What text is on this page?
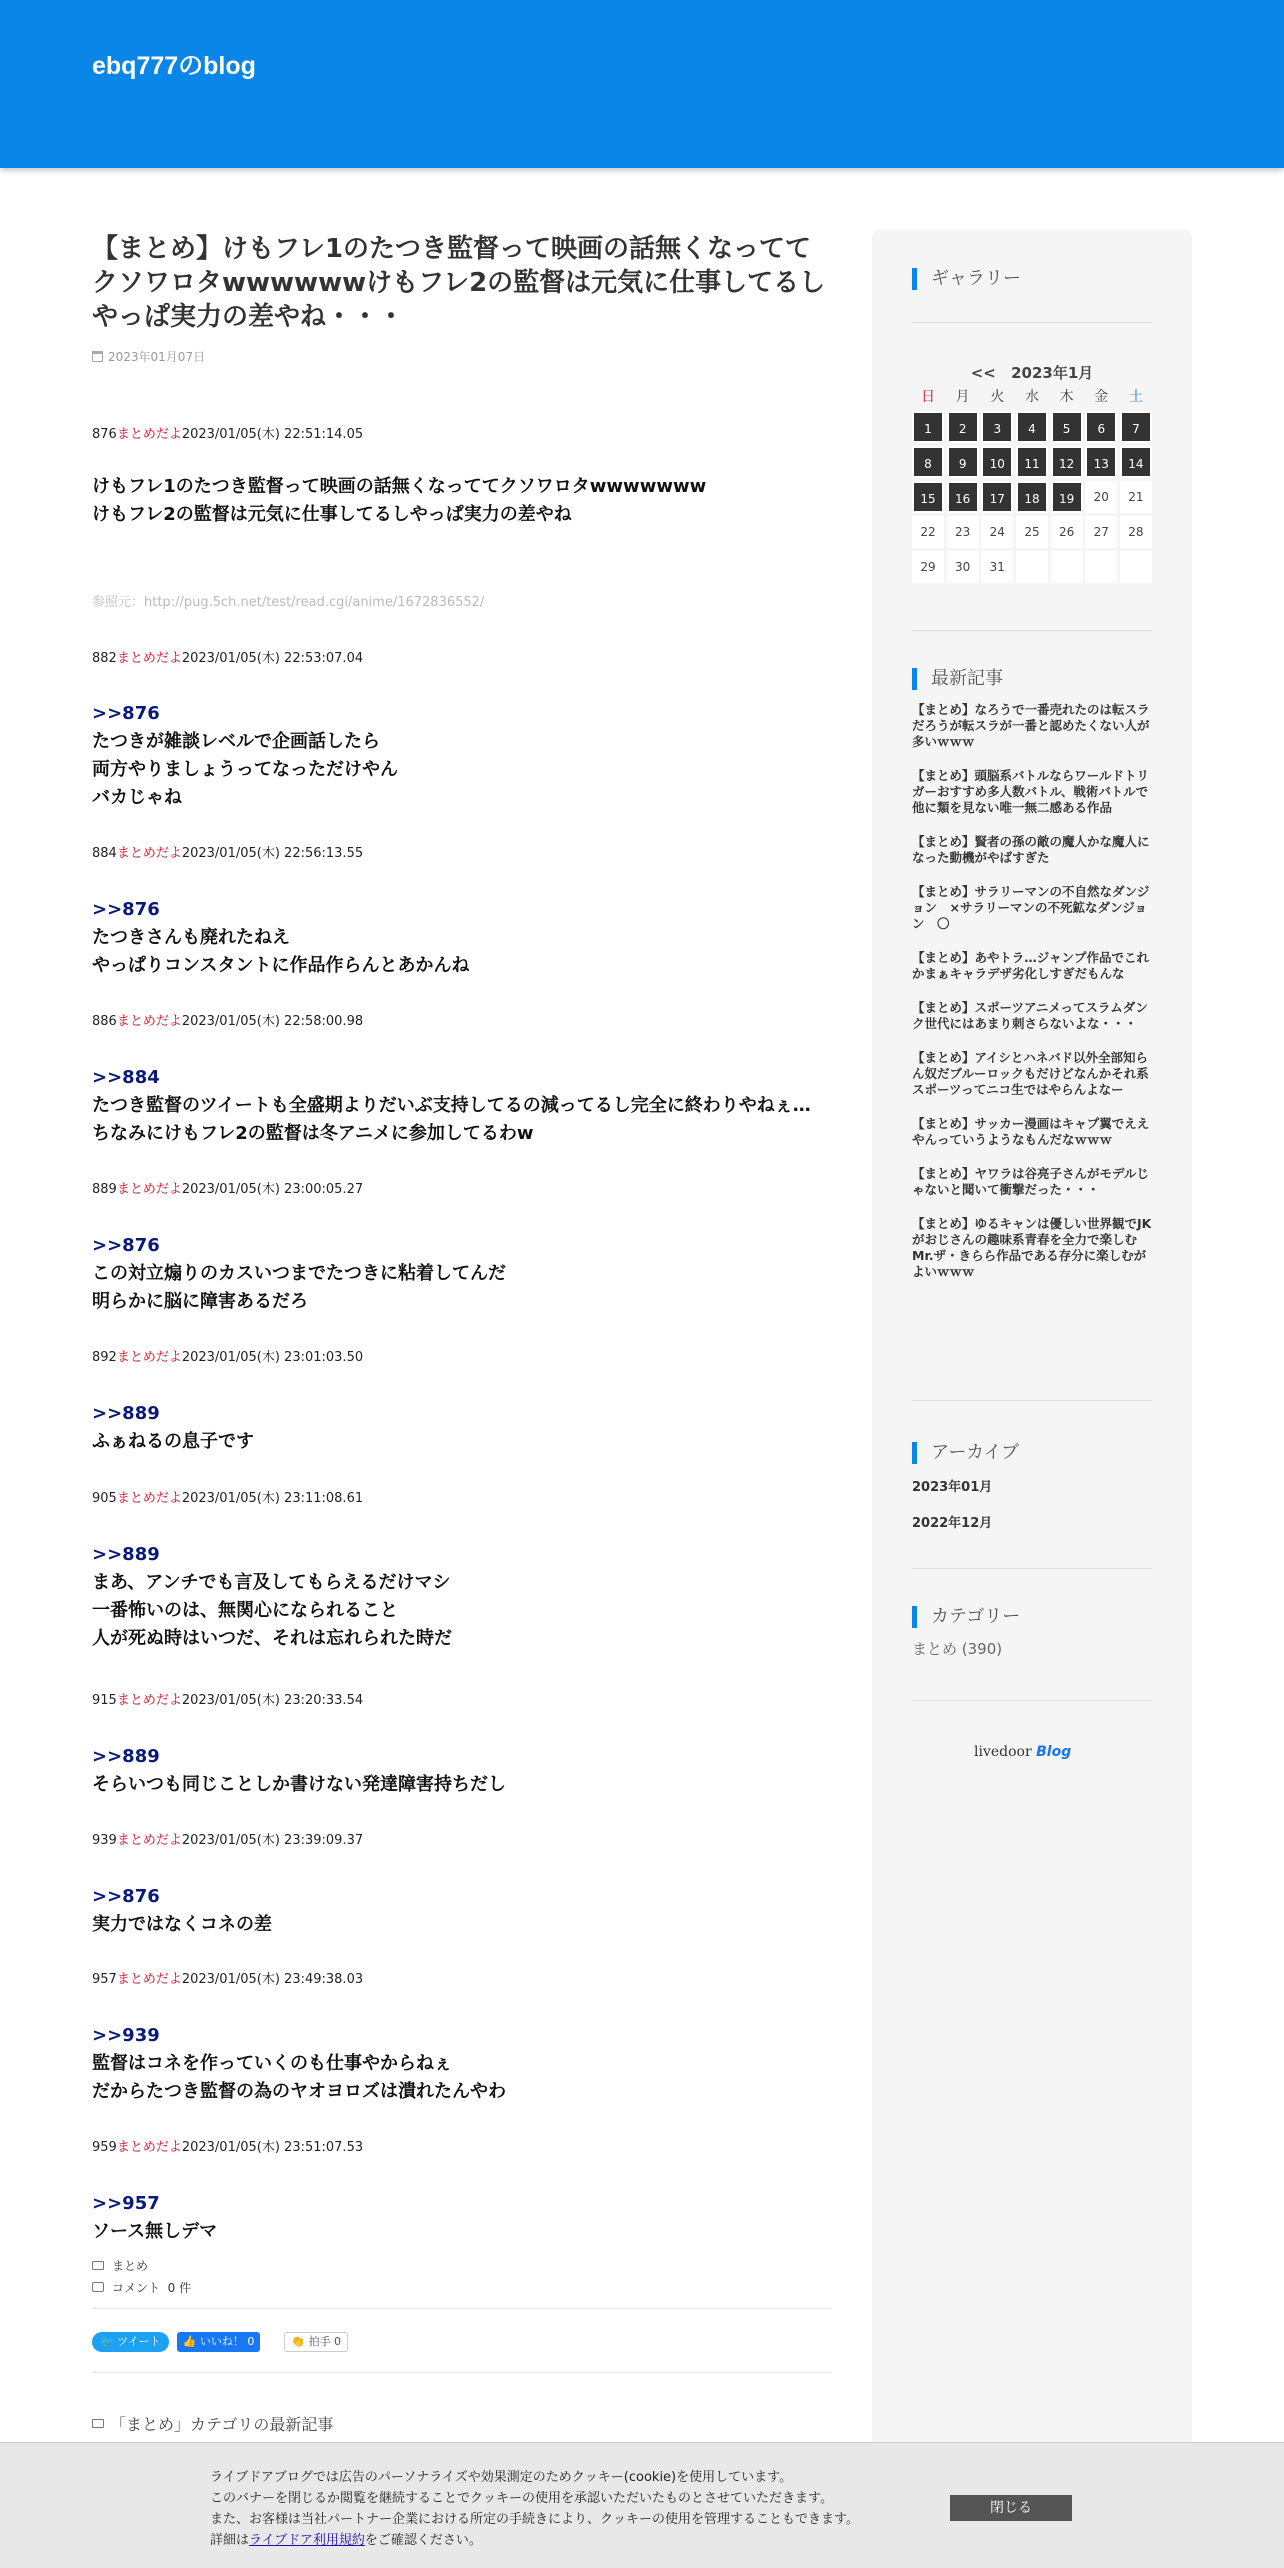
ebq777のblog
【まとめ】けもフレ1のたつき監督って映画の話無くなっててクソワロタwwwwwwけもフレ2の監督は元気に仕事してるしやっぱ実力の差やね・・・
2023年01月07日
876まとめだよ2023/01/05(木) 22:51:14.05
けもフレ1のたつき監督って映画の話無くなっててクソワロタwwwwwww
けもフレ2の監督は元気に仕事してるしやっぱ実力の差やね
参照元：http://pug.5ch.net/test/read.cgi/anime/1672836552/
882まとめだよ2023/01/05(木) 22:53:07.04
>>876
たつきが雑談レベルで企画話したら
両方やりましょうってなっただけやん
バカじゃね
884まとめだよ2023/01/05(木) 22:56:13.55
>>876
たつきさんも廃れたねえ
やっぱりコンスタントに作品作らんとあかんね
886まとめだよ2023/01/05(木) 22:58:00.98
>>884
たつき監督のツイートも全盛期よりだいぶ支持してるの減ってるし完全に終わりやねぇ…
ちなみにけもフレ2の監督は冬アニメに参加してるわw
889まとめだよ2023/01/05(木) 23:00:05.27
>>876
この対立煽りのカスいつまでたつきに粘着してんだ
明らかに脳に障害あるだろ
892まとめだよ2023/01/05(木) 23:01:03.50
>>889
ふぁねるの息子です
905まとめだよ2023/01/05(木) 23:11:08.61
>>889
まあ、アンチでも言及してもらえるだけマシ
一番怖いのは、無関心になられること
人が死ぬ時はいつだ、それは忘れられた時だ
915まとめだよ2023/01/05(木) 23:20:33.54
>>889
そらいつも同じことしか書けない発達障害持ちだし
939まとめだよ2023/01/05(木) 23:39:09.37
>>876
実力ではなくコネの差
957まとめだよ2023/01/05(木) 23:49:38.03
>>939
監督はコネを作っていくのも仕事やからねぇ
だからたつき監督の為のヤオヨロズは潰れたんやわ
959まとめだよ2023/01/05(木) 23:51:07.53
>>957
ソース無しデマ
まとめ
コメント 0 件
🐦 ツイート	👍 いいね！ 0	👏 拍手 0
「まとめ」カテゴリの最新記事
ギャラリー
<< 2023年1月
日	月	火	水	木	金	土
1	2	3	4	5	6	7
8	9	10	11	12	13	14
15	16	17	18	19	20	21
22	23	24	25	26	27	28
29	30	31
最新記事
【まとめ】なろうで一番売れたのは転スラだろうが転スラが一番と認めたくない人が多いｗｗｗ
【まとめ】頭脳系バトルならワールドトリガーおすすめ多人数バトル、戦術バトルで他に類を見ない唯一無二感ある作品
【まとめ】賢者の孫の敵の魔人かな魔人になった動機がやばすぎた
【まとめ】サラリーマンの不自然なダンジョン　×サラリーマンの不死鉱なダンジョン　〇
【まとめ】あやトラ…ジャンプ作品でこれかまぁキャラデザ劣化しすぎだもんな
【まとめ】スポーツアニメってスラムダンク世代にはあまり刺さらないよな・・・
【まとめ】アイシとハネバド以外全部知らん奴だブルーロックもだけどなんかそれ系スポーツってニコ生ではやらんよなー
【まとめ】サッカー漫画はキャプ翼でええやんっていうようなもんだなｗｗｗ
【まとめ】ヤワラは谷亮子さんがモデルじゃないと聞いて衝撃だった・・・
【まとめ】ゆるキャンは優しい世界観でJKがおじさんの趣味系青春を全力で楽しむMr.ザ・きらら作品である存分に楽しむがよいｗｗｗ
アーカイブ
2023年01月
2022年12月
カテゴリー
まとめ (390)
livedoor Blog
ライブドアブログでは広告のパーソナライズや効果測定のためクッキー(cookie)を使用しています。
このバナーを閉じるか閲覧を継続することでクッキーの使用を承認いただいたものとさせていただきます。
また、お客様は当社パートナー企業における所定の手続きにより、クッキーの使用を管理することもできます。
詳細はライブドア利用規約をご確認ください。
閉じる
